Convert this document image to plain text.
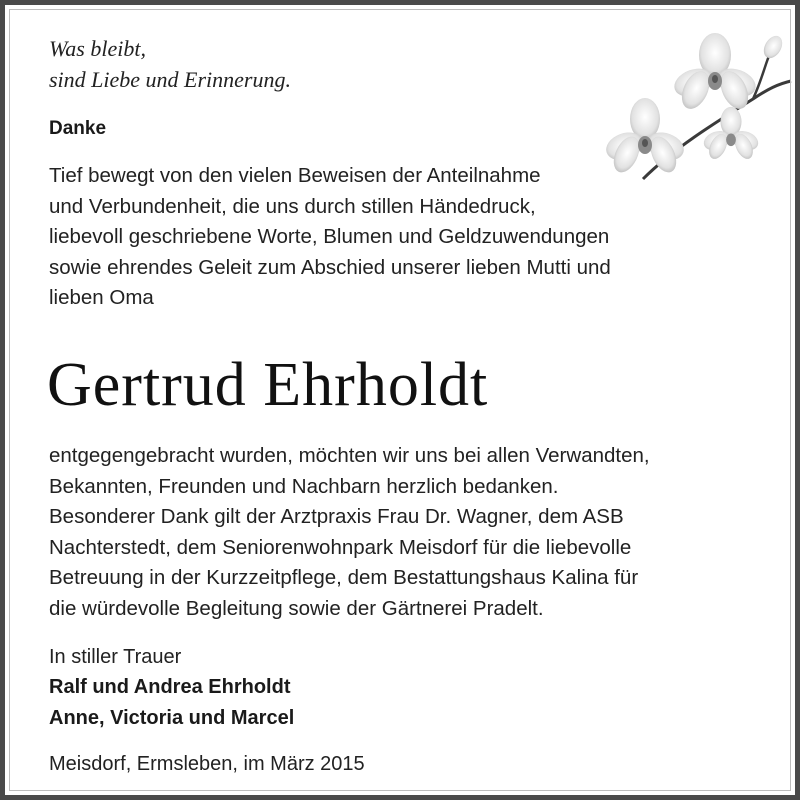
Was bleibt,
sind Liebe und Erinnerung.
Danke
Tief bewegt von den vielen Beweisen der Anteilnahme
und Verbundenheit, die uns durch stillen Händedruck,
liebevoll geschriebene Worte, Blumen und Geldzuwendungen
sowie ehrendes Geleit zum Abschied unserer lieben Mutti und
lieben Oma
Gertrud Ehrholdt
entgegengebracht wurden, möchten wir uns bei allen Verwandten,
Bekannten, Freunden und Nachbarn herzlich bedanken.
Besonderer Dank gilt der Arztpraxis Frau Dr. Wagner, dem ASB
Nachterstedt, dem Seniorenwohnpark Meisdorf für die liebevolle
Betreuung in der Kurzzeitpflege, dem Bestattungshaus Kalina für
die würdevolle Begleitung sowie der Gärtnerei Pradelt.
In stiller Trauer
Ralf und Andrea Ehrholdt
Anne, Victoria und Marcel
Meisdorf, Ermsleben, im März 2015
